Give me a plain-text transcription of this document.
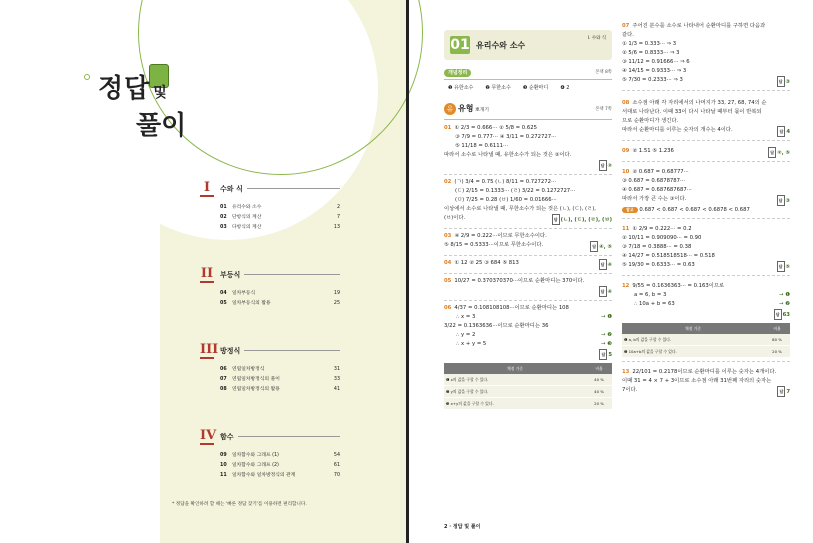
정답 및
풀이
I	수와 식
01	유리수와 소수	2
02	단항식의 계산	7
03	다항식의 계산	13
II 부등식
04	일차부등식	19
05	일차부등식의 활용	25
III 방정식
06	연립일차방정식	31
07	연립일차방정식의 풀이	33
08	연립일차방정식의 활용	41
IV 함수
09	일차함수와 그래프 (1)	54
10	일차함수와 그래프 (2)	61
11	일차함수와 일차방정식의 관계	70
* 정답을 확인하려 할 때는 '빠른 정답 찾기'를 이용하면 편리합니다.
01 유리수와 소수
I. 수와 식
개념정리	본책 8쪽
❶ 유한소수 ❷ 무한소수 ❸ 순환마디 ❹ 2
유 유형 뽀개기	본책 7쪽
01 ① 2/3 = 0.666··· ② 5/8 = 0.625
③ 7/9 = 0.777··· ④ 3/11 = 0.272727···
⑤ 11/18 = 0.6111···
따라서 소수로 나타낼 때, 유한소수가 되는 것은 ②이다.
답 ②
02 (ㄱ) 3/4 = 0.75 (ㄴ) 8/11 = 0.727272···
(ㄷ) 2/15 = 0.1333··· (ㄹ) 3/22 = 0.1272727···
(ㅁ) 7/25 = 0.28 (ㅂ) 1/60 = 0.01666···
이상에서 소수로 나타낼 때, 무한소수가 되는 것은 (ㄴ), (ㄷ), (ㄹ),
(ㅂ)이다.	답 (ㄴ), (ㄷ), (ㄹ), (ㅂ)
03 ④ 2/9 = 0.222···이므로 무한소수이다.
⑤ 8/15 = 0.5333···이므로 무한소수이다.	답 ④, ⑤
04 ① 12 ② 25 ③ 684 ⑤ 813	답 ④
05 10/27 = 0.370370370···이므로 순환마디는 370이다.
답 ④
06 4/37 = 0.108108108···이므로 순환마디는 108
∴ x = 3	→ ❶
3/22 = 0.1363636···이므로 순환마디는 36
∴ y = 2	→ ❷
∴ x + y = 5	→ ❸
답 5
채점 기준	비율
❶ x의 값을 구할 수 있다.	40 %
❷ y의 값을 구할 수 있다.	40 %
❸ x+y의 값을 구할 수 있다.	20 %
07 주어진 분수를 소수로 나타내어 순환마디를 구하면 다음과
같다.
① 1/3 = 0.333··· ⇒ 3
② 5/6 = 0.8333··· ⇒ 3
③ 11/12 = 0.91666··· ⇒ 6
④ 14/15 = 0.9333··· ⇒ 3
⑤ 7/30 = 0.2333··· ⇒ 3	답 ③
08 소수점 아래 각 자리에서의 나머지가 33, 27, 68, 74의 순
서대로 나타난다. 이때 33이 다시 나타날 때부터 몫이 반복되
므로 순환마디가 생긴다.
따라서 순환마디를 이루는 숫자의 개수는 4이다.	답 4
09 ② 1.5̇1 ⑤ 1.2̇3̇6̇	답 ②, ⑤
10 ② 0.687 = 0.68777···
③ 0.687 = 0.6878787···
④ 0.687 = 0.687687687···
따라서 가장 큰 수는 ③이다.	답 ③
참고 0.687 < 0.687 < 0.687 < 0.6878 < 0.687
11 ① 2/9 = 0.222··· = 0.2̇
② 10/11 = 0.909090··· = 0.9̇0̇
③ 7/18 = 0.3888··· = 0.38̇
④ 14/27 = 0.518518518··· = 0.5̇18̇
⑤ 19/30 = 0.6333··· = 0.63̇	답 ⑤
12 9/55 = 0.1636363··· = 0.16̇3̇이므로
a = 6, b = 3	→ ❶
∴ 10a + b = 63	→ ❷
답 63
채점 기준	비율
❶ a, b의 값을 구할 수 있다.	80 %
❷ 10a+b의 값을 구할 수 있다.	20 %
13 22/101 = 0.2178이므로 순환마디를 이루는 숫자는 4개이다.
이때 31 = 4 × 7 + 3이므로 소수점 아래 31번째 자리의 숫자는
7이다.	답 7
2 · 정답 및 풀이
